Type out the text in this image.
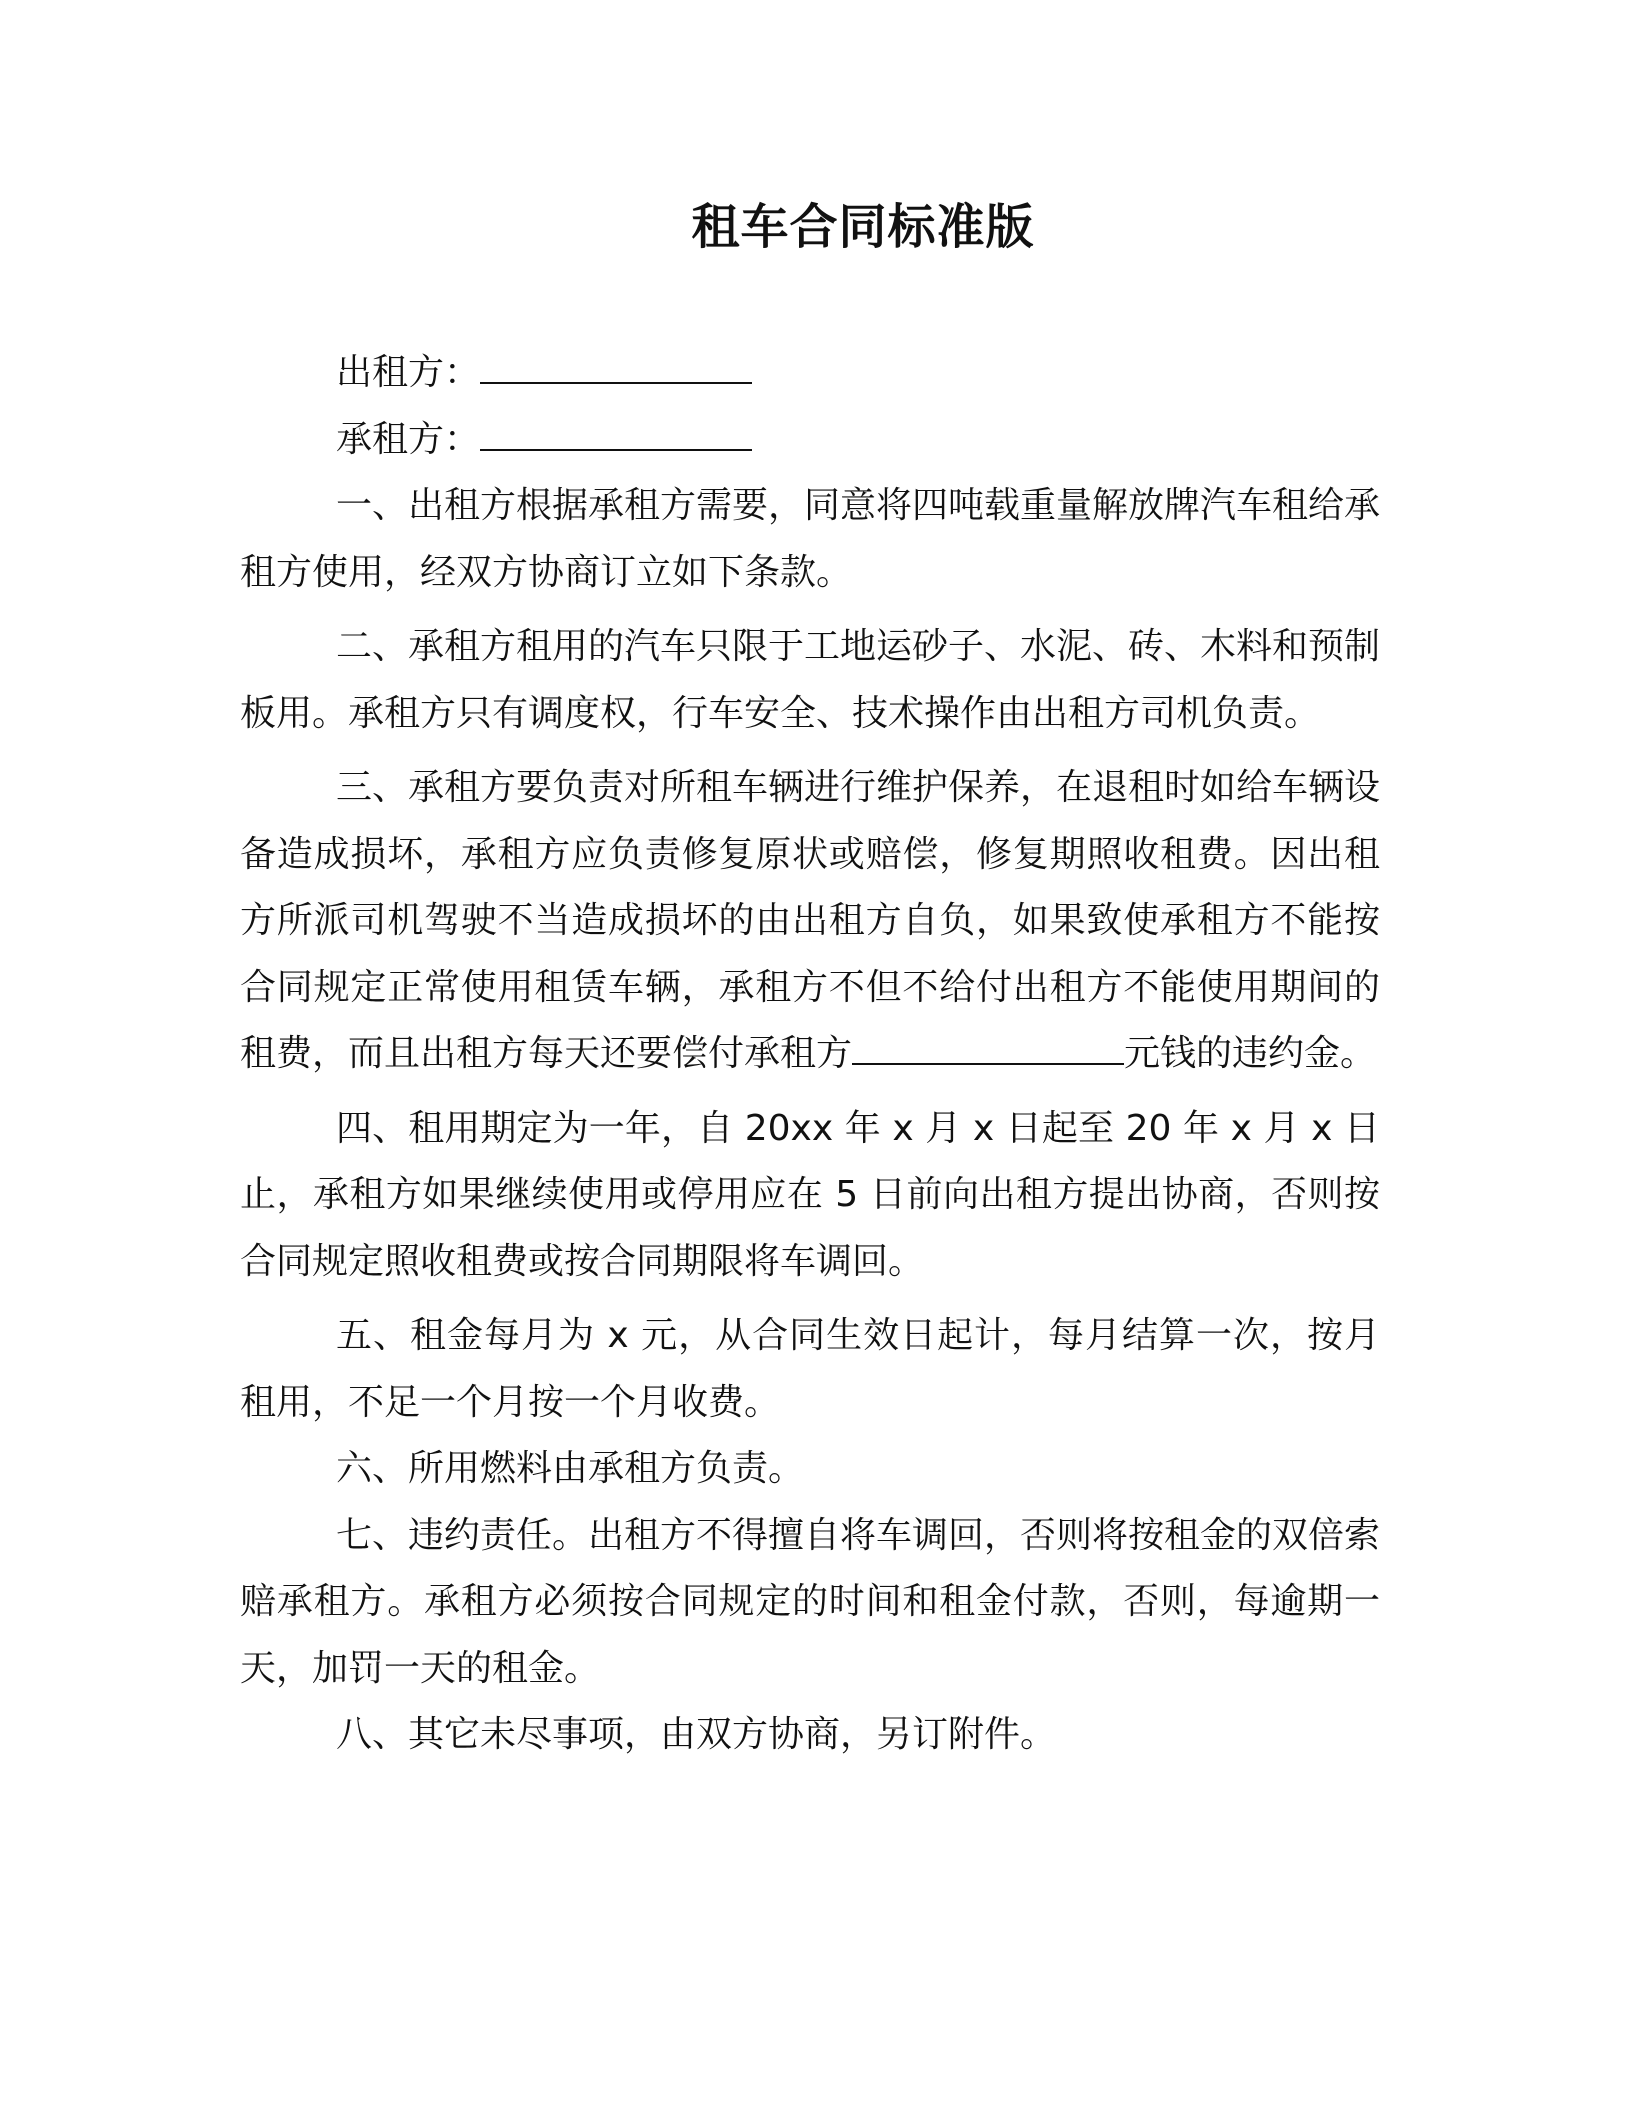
租车合同标准版

出租方：

承租方：

一、出租方根据承租方需要，同意将四吨载重量解放牌汽车租给承租方使用，经双方协商订立如下条款。

二、承租方租用的汽车只限于工地运砂子、水泥、砖、木料和预制板用。承租方只有调度权，行车安全、技术操作由出租方司机负责。

三、承租方要负责对所租车辆进行维护保养，在退租时如给车辆设备造成损坏，承租方应负责修复原状或赔偿，修复期照收租费。因出租方所派司机驾驶不当造成损坏的由出租方自负，如果致使承租方不能按合同规定正常使用租赁车辆，承租方不但不给付出租方不能使用期间的租费，而且出租方每天还要偿付承租方	元钱的违约金。

四、租用期定为一年，自 20xx 年 x 月 x 日起至 20 年 x 月 x 日止，承租方如果继续使用或停用应在 5 日前向出租方提出协商，否则按合同规定照收租费或按合同期限将车调回。

五、租金每月为 x 元，从合同生效日起计，每月结算一次，按月租用，不足一个月按一个月收费。

六、所用燃料由承租方负责。

七、违约责任。出租方不得擅自将车调回，否则将按租金的双倍索赔承租方。承租方必须按合同规定的时间和租金付款，否则，每逾期一天，加罚一天的租金。

八、其它未尽事项，由双方协商，另订附件。
